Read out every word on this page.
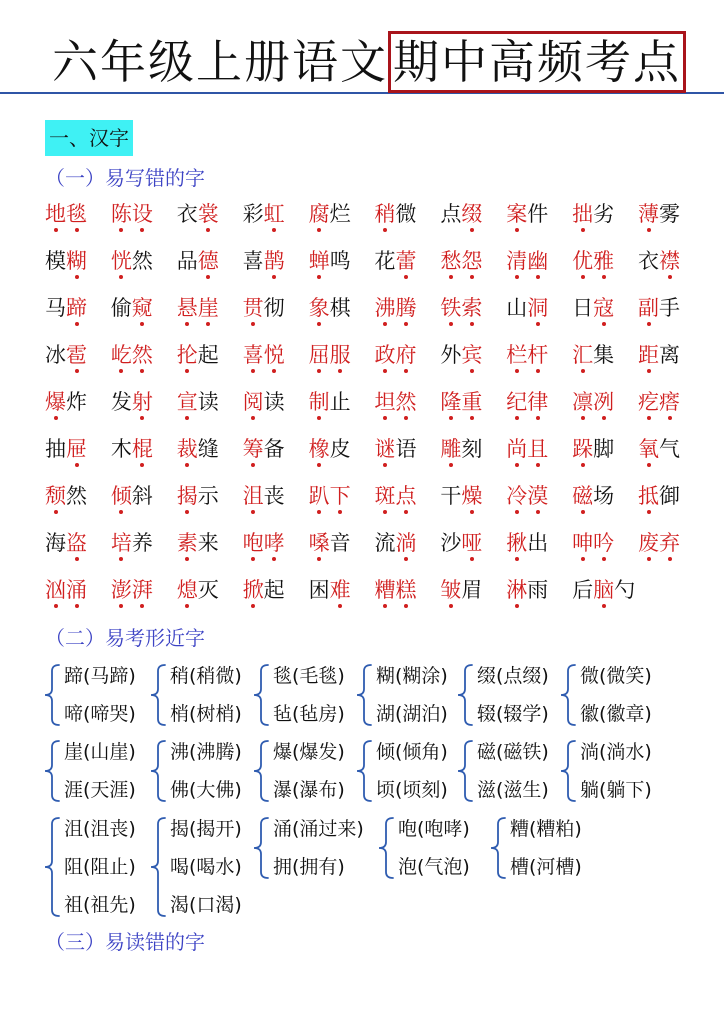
六年级上册语文 期中高频考点
一、汉字
（一）易写错的字
地毯	陈设	衣裳	彩虹	腐烂	稍微	点缀	案件	拙劣	薄雾
模糊	恍然	品德	喜鹊	蝉鸣	花蕾	愁怨	清幽	优雅	衣襟
马蹄	偷窥	悬崖	贯彻	象棋	沸腾	铁索	山洞	日寇	副手
冰雹	屹然	抡起	喜悦	屈服	政府	外宾	栏杆	汇集	距离
爆炸	发射	宣读	阅读	制止	坦然	隆重	纪律	凛冽	疙瘩
抽屉	木棍	裁缝	筹备	橡皮	谜语	雕刻	尚且	跺脚	氧气
颓然	倾斜	揭示	沮丧	趴下	斑点	干燥	冷漠	磁场	抵御
海盗	培养	素来	咆哮	嗓音	流淌	沙哑	揪出	呻吟	废弃
汹涌	澎湃	熄灭	掀起	困难	糟糕	皱眉	淋雨	后脑勺
（二）易考形近字
蹄(马蹄)
啼(啼哭)
稍(稍微)
梢(树梢)
毯(毛毯)
毡(毡房)
糊(糊涂)
湖(湖泊)
缀(点缀)
辍(辍学)
微(微笑)
徽(徽章)
崖(山崖)
涯(天涯)
沸(沸腾)
佛(大佛)
爆(爆发)
瀑(瀑布)
倾(倾角)
顷(顷刻)
磁(磁铁)
滋(滋生)
淌(淌水)
躺(躺下)
沮(沮丧)
阻(阻止)
祖(祖先)
揭(揭开)
喝(喝水)
渴(口渴)
涌(涌过来)
拥(拥有)
咆(咆哮)
泡(气泡)
糟(糟粕)
槽(河槽)
（三）易读错的字
